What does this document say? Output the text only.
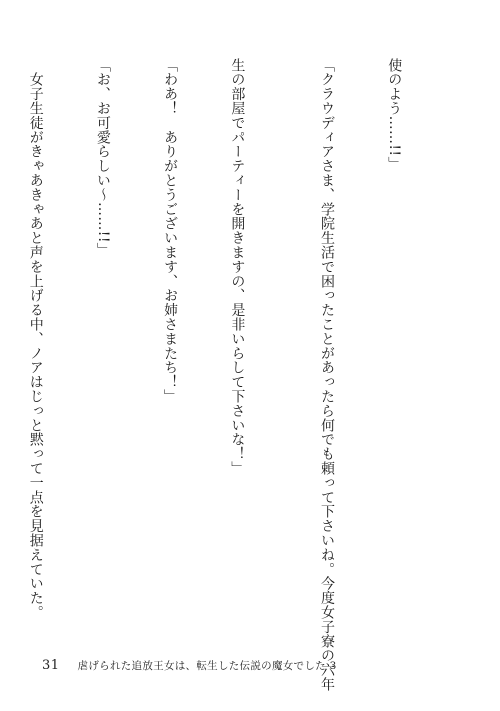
使のよう……!!」

「クラウディアさま、学院生活で困ったことがあったら何でも頼って下さいね。今度女子寮の六年

生の部屋でパーティーを開きますの、是非いらして下さいな！」

「わあ！　ありがとうございます、お姉さまたち！」

「お、お可愛らしい～……!!」

　女子生徒がきゃあきゃあと声を上げる中、ノアはじっと黙って一点を見据えていた。

31 虐げられた追放王女は、転生した伝説の魔女でした 3
